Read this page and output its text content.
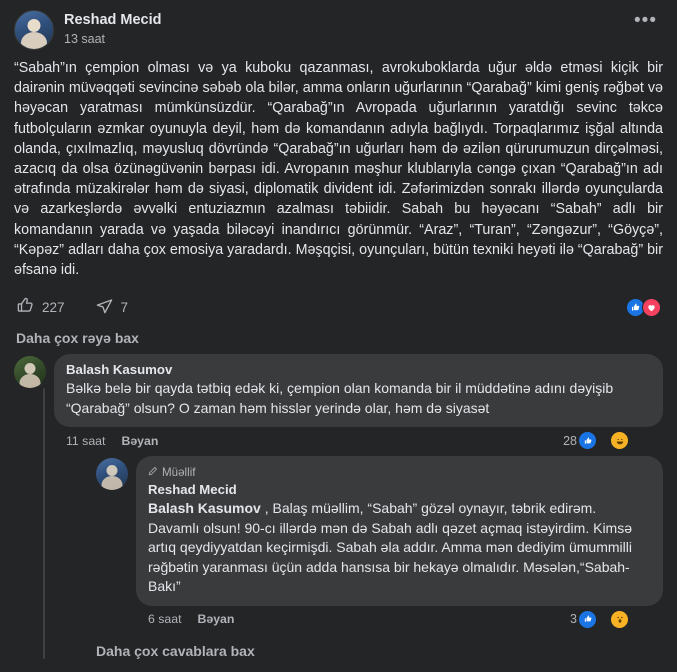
Reshad Mecid
13 saat
•••

“Sabah”ın çempion olması və ya kuboku qazanması, avrokuboklarda uğur əldə etməsi kiçik bir dairənin müvəqqəti sevincinə səbəb ola bilər, amma onların uğurlarının “Qarabağ” kimi geniş rəğbət və həyəcan yaratması mümkünsüzdür. “Qarabağ”ın Avropada uğurlarının yaratdığı sevinc təkcə futbolçuların əzmkar oyunuyla deyil, həm də komandanın adıyla bağlıydı. Torpaqlarımız işğal altında olanda, çıxılmazlıq, məyusluq dövründə “Qarabağ”ın uğurları həm də əzilən qürurumuzun dirçəlməsi, azacıq da olsa özünəgüvənin bərpası idi. Avropanın məşhur klublarıyla cəngə çıxan “Qarabağ”ın adı ətrafında müzakirələr həm də siyasi, diplomatik divident idi. Zəfərimizdən sonrakı illərdə oyunçularda və azarkeşlərdə əvvəlki entuziazmın azalması təbiidir. Sabah bu həyəcanı “Sabah” adlı bir komandanın yarada və yaşada biləcəyi inandırıcı görünmür. “Araz”, “Turan”, “Zəngəzur”, “Göyçə”, “Kəpəz” adları daha çox emosiya yaradardı. Məşqçisi, oyunçuları, bütün texniki heyəti ilə “Qarabağ” bir əfsanə idi.

227	7
Daha çox rəyə bax
Balash Kasumov
Bəlkə belə bir qayda tətbiq edək ki, çempion olan komanda bir il müddətinə adını dəyişib “Qarabağ” olsun? O zaman həm hisslər yerində olar, həm də siyasət
11 saat Bəyan	28
Müəllif
Reshad Mecid
Balash Kasumov , Balaş müəllim, “Sabah” gözəl oynayır, təbrik edirəm. Davamlı olsun! 90-cı illərdə mən də Sabah adlı qəzet açmaq istəyirdim. Kimsə artıq qeydiyyatdan keçirmişdi. Sabah əla addır. Amma mən dediyim ümummilli rəğbətin yaranması üçün adda hansısa bir hekayə olmalıdır. Məsələn,“Sabah-Bakı”
6 saat Bəyan	3
Daha çox cavablara bax
